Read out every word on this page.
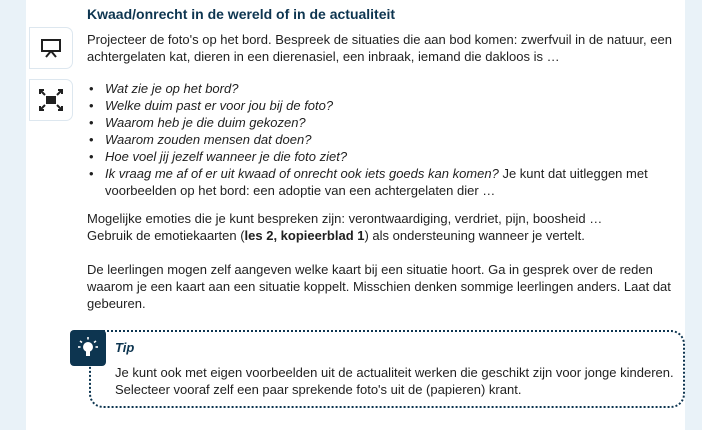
Kwaad/onrecht in de wereld of in de actualiteit

Projecteer de foto's op het bord. Bespreek de situaties die aan bod komen: zwerfvuil in de natuur, een achtergelaten kat, dieren in een dierenasiel, een inbraak, iemand die dakloos is …

• Wat zie je op het bord?
• Welke duim past er voor jou bij de foto?
• Waarom heb je die duim gekozen?
• Waarom zouden mensen dat doen?
• Hoe voel jij jezelf wanneer je die foto ziet?
• Ik vraag me af of er uit kwaad of onrecht ook iets goeds kan komen? Je kunt dat uitleggen met voorbeelden op het bord: een adoptie van een achtergelaten dier …

Mogelijke emoties die je kunt bespreken zijn: verontwaardiging, verdriet, pijn, boosheid …
Gebruik de emotiekaarten (les 2, kopieerblad 1) als ondersteuning wanneer je vertelt.

De leerlingen mogen zelf aangeven welke kaart bij een situatie hoort. Ga in gesprek over de reden waarom je een kaart aan een situatie koppelt. Misschien denken sommige leerlingen anders. Laat dat gebeuren.

Tip

Je kunt ook met eigen voorbeelden uit de actualiteit werken die geschikt zijn voor jonge kinderen. Selecteer vooraf zelf een paar sprekende foto's uit de (papieren) krant.
